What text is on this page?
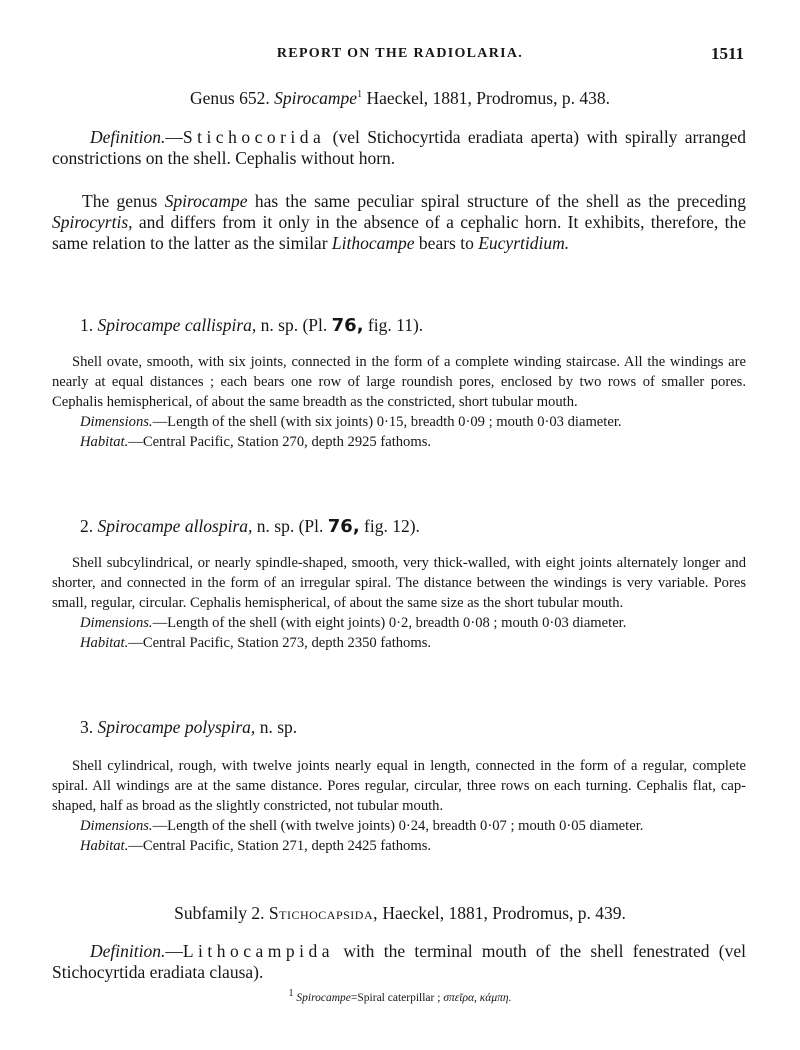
REPORT ON THE RADIOLARIA.	1511
Genus 652. Spirocampe$^1$ Haeckel, 1881, Prodromus, p. 438.

Definition.—Stichocorida (vel Stichocyrtida eradiata aperta) with spirally arranged constrictions on the shell. Cephalis without horn.

The genus Spirocampe has the same peculiar spiral structure of the shell as the preceding Spirocyrtis, and differs from it only in the absence of a cephalic horn. It exhibits, therefore, the same relation to the latter as the similar Lithocampe bears to Eucyrtidium.

1. Spirocampe callispira, n. sp. (Pl. 76, fig. 11).

Shell ovate, smooth, with six joints, connected in the form of a complete winding staircase. All the windings are nearly at equal distances ; each bears one row of large roundish pores, enclosed by two rows of smaller pores. Cephalis hemispherical, of about the same breadth as the constricted, short tubular mouth.

Dimensions.—Length of the shell (with six joints) 0·15, breadth 0·09 ; mouth 0·03 diameter.

Habitat.—Central Pacific, Station 270, depth 2925 fathoms.

2. Spirocampe allospira, n. sp. (Pl. 76, fig. 12).

Shell subcylindrical, or nearly spindle-shaped, smooth, very thick-walled, with eight joints alternately longer and shorter, and connected in the form of an irregular spiral. The distance between the windings is very variable. Pores small, regular, circular. Cephalis hemispherical, of about the same size as the short tubular mouth.

Dimensions.—Length of the shell (with eight joints) 0·2, breadth 0·08 ; mouth 0·03 diameter.

Habitat.—Central Pacific, Station 273, depth 2350 fathoms.

3. Spirocampe polyspira, n. sp.

Shell cylindrical, rough, with twelve joints nearly equal in length, connected in the form of a regular, complete spiral. All windings are at the same distance. Pores regular, circular, three rows on each turning. Cephalis flat, cap-shaped, half as broad as the slightly constricted, not tubular mouth.

Dimensions.—Length of the shell (with twelve joints) 0·24, breadth 0·07 ; mouth 0·05 diameter.

Habitat.—Central Pacific, Station 271, depth 2425 fathoms.

Subfamily 2. Stichocapsida, Haeckel, 1881, Prodromus, p. 439.

Definition.—Lithocampida with the terminal mouth of the shell fenestrated (vel Stichocyrtida eradiata clausa).

$^1$ Spirocampe=Spiral caterpillar ; σπεῖρα, κάμπη.
